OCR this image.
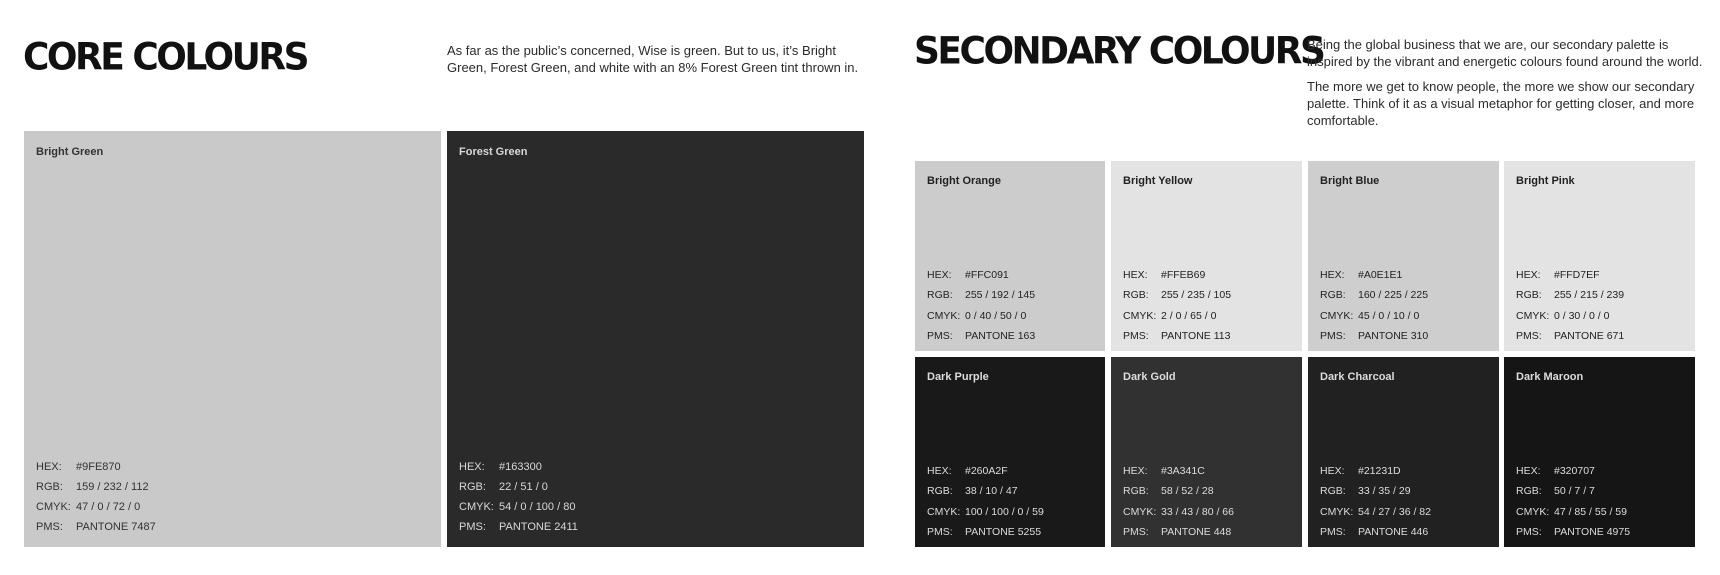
CORE COLOURS	As far as the public’s concerned, Wise is green. But to us, it’s Bright Green, Forest Green, and white with an 8% Forest Green tint thrown in.
Bright Green
HEX:	#9FE870
RGB:	159 / 232 / 112
CMYK:	47 / 0 / 72 / 0
PMS:	PANTONE 7487
Forest Green
HEX:	#163300
RGB:	22 / 51 / 0
CMYK:	54 / 0 / 100 / 80
PMS:	PANTONE 2411
SECONDARY COLOURS

Being the global business that we are, our secondary palette is inspired by the vibrant and energetic colours found around the world.

The more we get to know people, the more we show our secondary palette. Think of it as a visual metaphor for getting closer, and more comfortable.

Bright Orange
HEX:	#FFC091
RGB:	255 / 192 / 145
CMYK:	0 / 40 / 50 / 0
PMS:	PANTONE 163
Bright Yellow
HEX:	#FFEB69
RGB:	255 / 235 / 105
CMYK:	2 / 0 / 65 / 0
PMS:	PANTONE 113
Bright Blue
HEX:	#A0E1E1
RGB:	160 / 225 / 225
CMYK:	45 / 0 / 10 / 0
PMS:	PANTONE 310
Bright Pink
HEX:	#FFD7EF
RGB:	255 / 215 / 239
CMYK:	0 / 30 / 0 / 0
PMS:	PANTONE 671
Dark Purple
HEX:	#260A2F
RGB:	38 / 10 / 47
CMYK:	100 / 100 / 0 / 59
PMS:	PANTONE 5255
Dark Gold
HEX:	#3A341C
RGB:	58 / 52 / 28
CMYK:	33 / 43 / 80 / 66
PMS:	PANTONE 448
Dark Charcoal
HEX:	#21231D
RGB:	33 / 35 / 29
CMYK:	54 / 27 / 36 / 82
PMS:	PANTONE 446
Dark Maroon
HEX:	#320707
RGB:	50 / 7 / 7
CMYK:	47 / 85 / 55 / 59
PMS:	PANTONE 4975
